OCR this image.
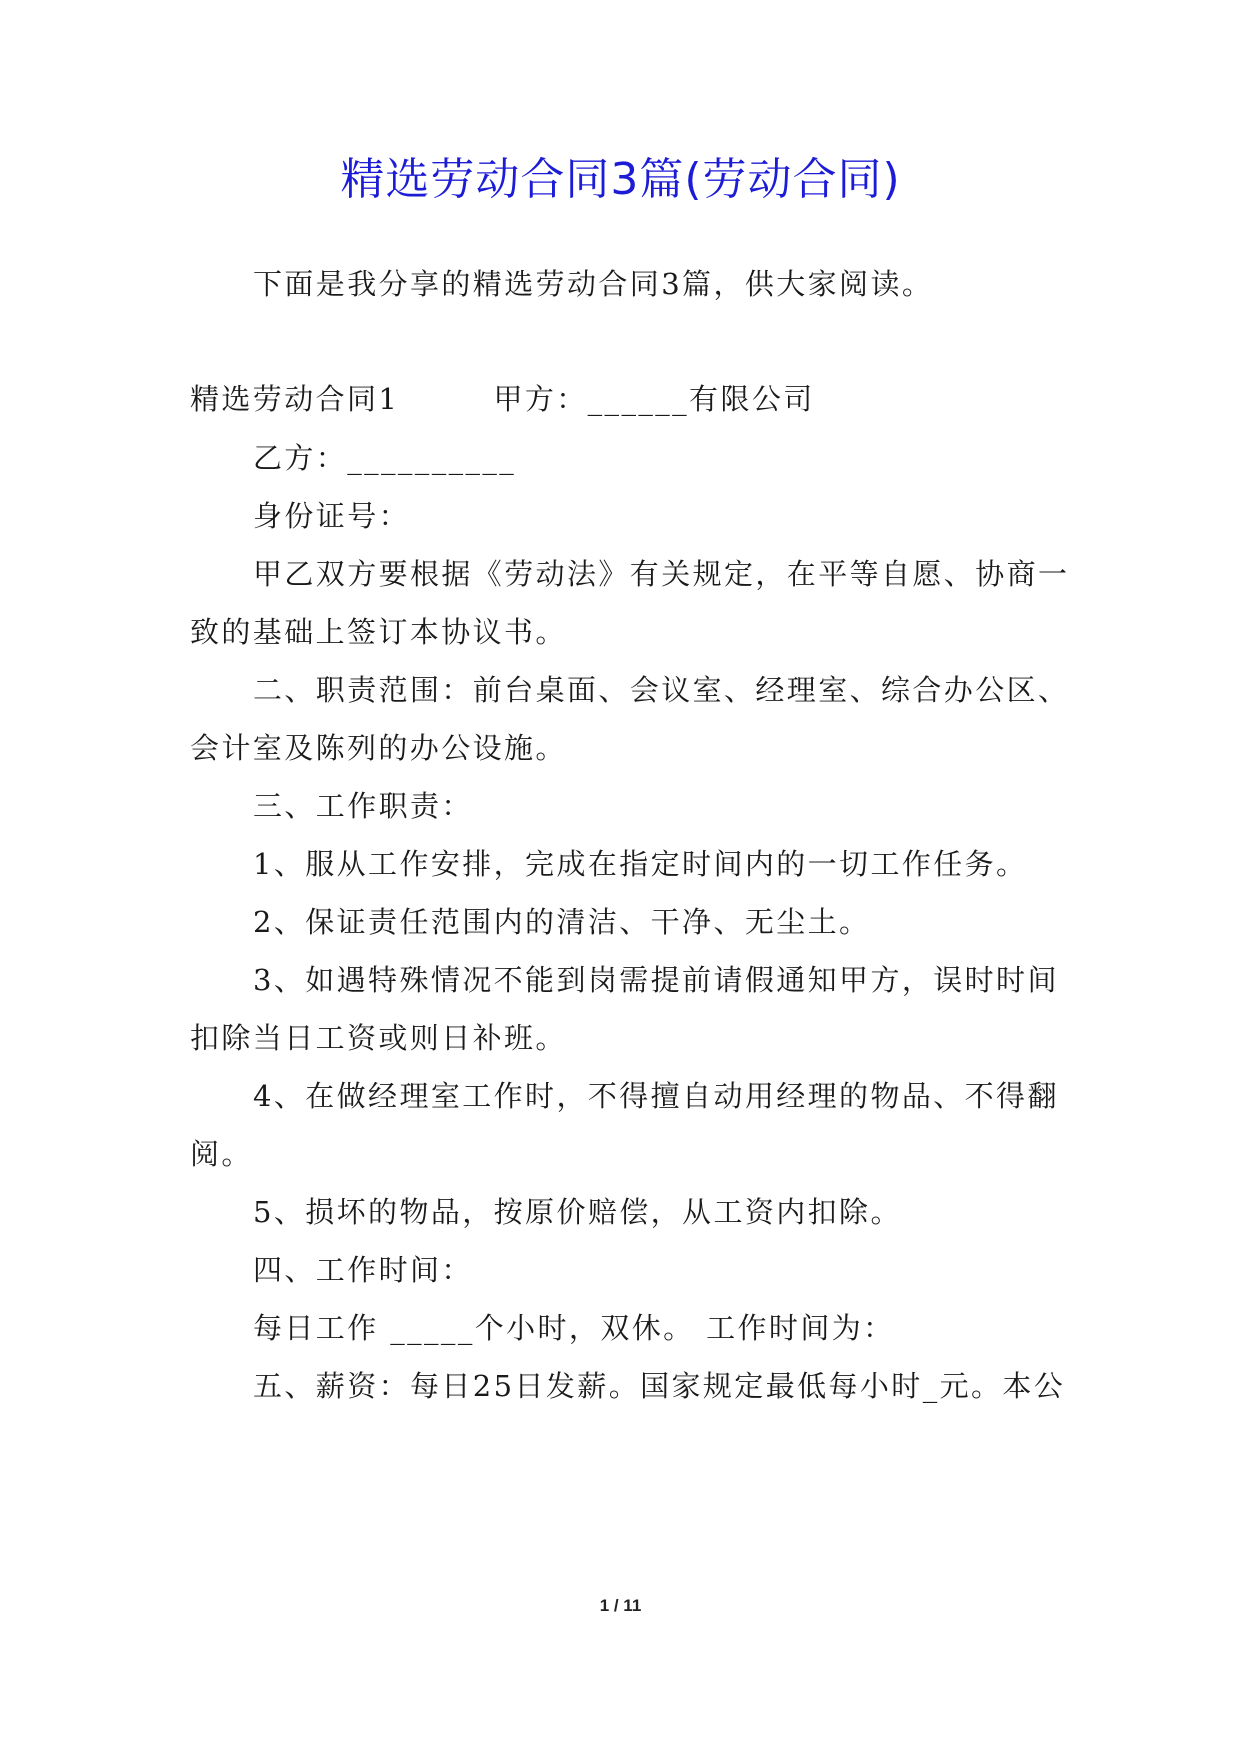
精选劳动合同3篇(劳动合同)
下面是我分享的精选劳动合同3篇，供大家阅读。
精选劳动合同1　　　甲方：______有限公司
乙方：__________
身份证号：
甲乙双方要根据《劳动法》有关规定，在平等自愿、协商一
致的基础上签订本协议书。
二、职责范围：前台桌面、会议室、经理室、综合办公区、
会计室及陈列的办公设施。
三、工作职责：
1、服从工作安排，完成在指定时间内的一切工作任务。
2、保证责任范围内的清洁、干净、无尘土。
3、如遇特殊情况不能到岗需提前请假通知甲方，误时时间
扣除当日工资或则日补班。
4、在做经理室工作时，不得擅自动用经理的物品、不得翻
阅。
5、损坏的物品，按原价赔偿，从工资内扣除。
四、工作时间：
每日工作 _____个小时，双休。 工作时间为：
五、薪资：每日25日发薪。国家规定最低每小时_元。本公
1 / 11
